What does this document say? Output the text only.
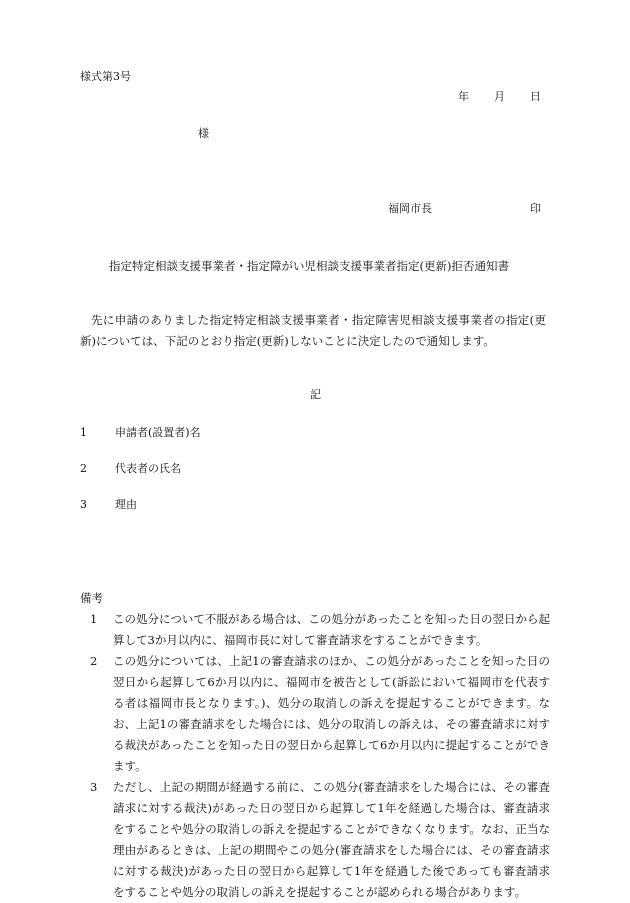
様式第3号
年 月 日
様
福岡市長	印
指定特定相談支援事業者・指定障がい児相談支援事業者指定(更新)拒否通知書
先に申請のありました指定特定相談支援事業者・指定障害児相談支援事業者の指定(更新)については、下記のとおり指定(更新)しないことに決定したので通知します。
記
1	申請者(設置者)名
2	代表者の氏名
3	理由
備考
1 この処分について不服がある場合は、この処分があったことを知った日の翌日から起算して3か月以内に、福岡市長に対して審査請求をすることができます。
2 この処分については、上記1の審査請求のほか、この処分があったことを知った日の翌日から起算して6か月以内に、福岡市を被告として(訴訟において福岡市を代表する者は福岡市長となります。)、処分の取消しの訴えを提起することができます。なお、上記1の審査請求をした場合には、処分の取消しの訴えは、その審査請求に対する裁決があったことを知った日の翌日から起算して6か月以内に提起することができます。
3 ただし、上記の期間が経過する前に、この処分(審査請求をした場合には、その審査請求に対する裁決)があった日の翌日から起算して1年を経過した場合は、審査請求をすることや処分の取消しの訴えを提起することができなくなります。なお、正当な理由があるときは、上記の期間やこの処分(審査請求をした場合には、その審査請求に対する裁決)があった日の翌日から起算して1年を経過した後であっても審査請求をすることや処分の取消しの訴えを提起することが認められる場合があります。
